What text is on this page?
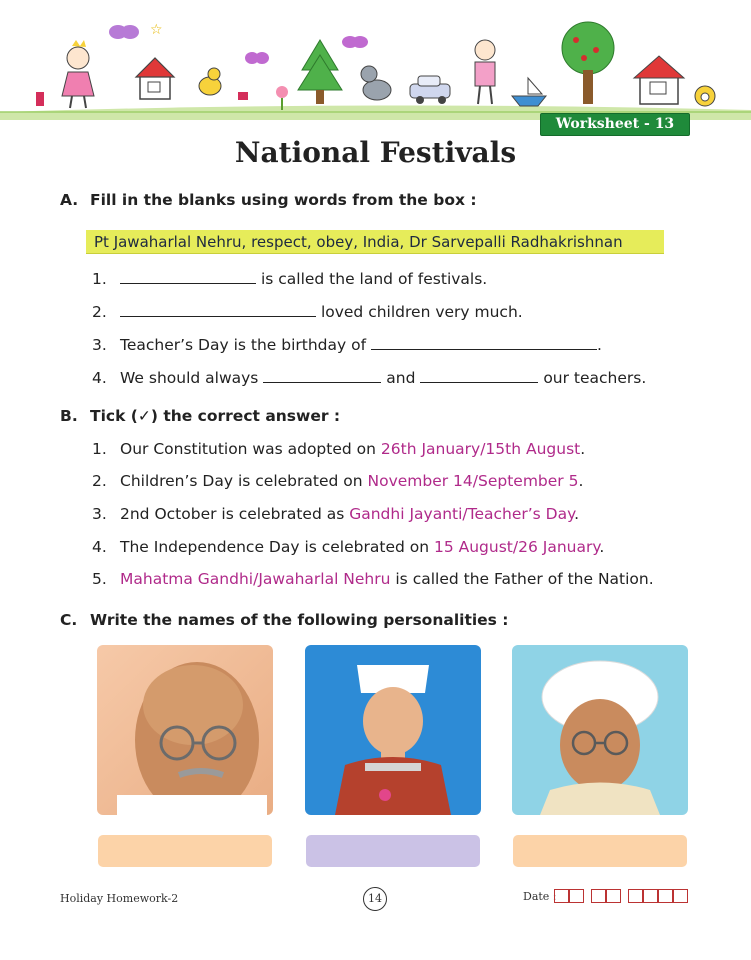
☆
Worksheet - 13
National Festivals
A. Fill in the blanks using words from the box :
Pt Jawaharlal Nehru, respect, obey, India, Dr Sarvepalli Radhakrishnan
1.	is called the land of festivals.
2.	loved children very much.
3. Teacher’s Day is the birthday of	.
4. We should always	and	our teachers.
B. Tick (✓) the correct answer :
1. Our Constitution was adopted on 26th January/15th August.
2. Children’s Day is celebrated on November 14/September 5.
3. 2nd October is celebrated as Gandhi Jayanti/Teacher’s Day.
4. The Independence Day is celebrated on 15 August/26 January.
5. Mahatma Gandhi/Jawaharlal Nehru is called the Father of the Nation.
C. Write the names of the following personalities :
Holiday Homework-2	14	Date :
